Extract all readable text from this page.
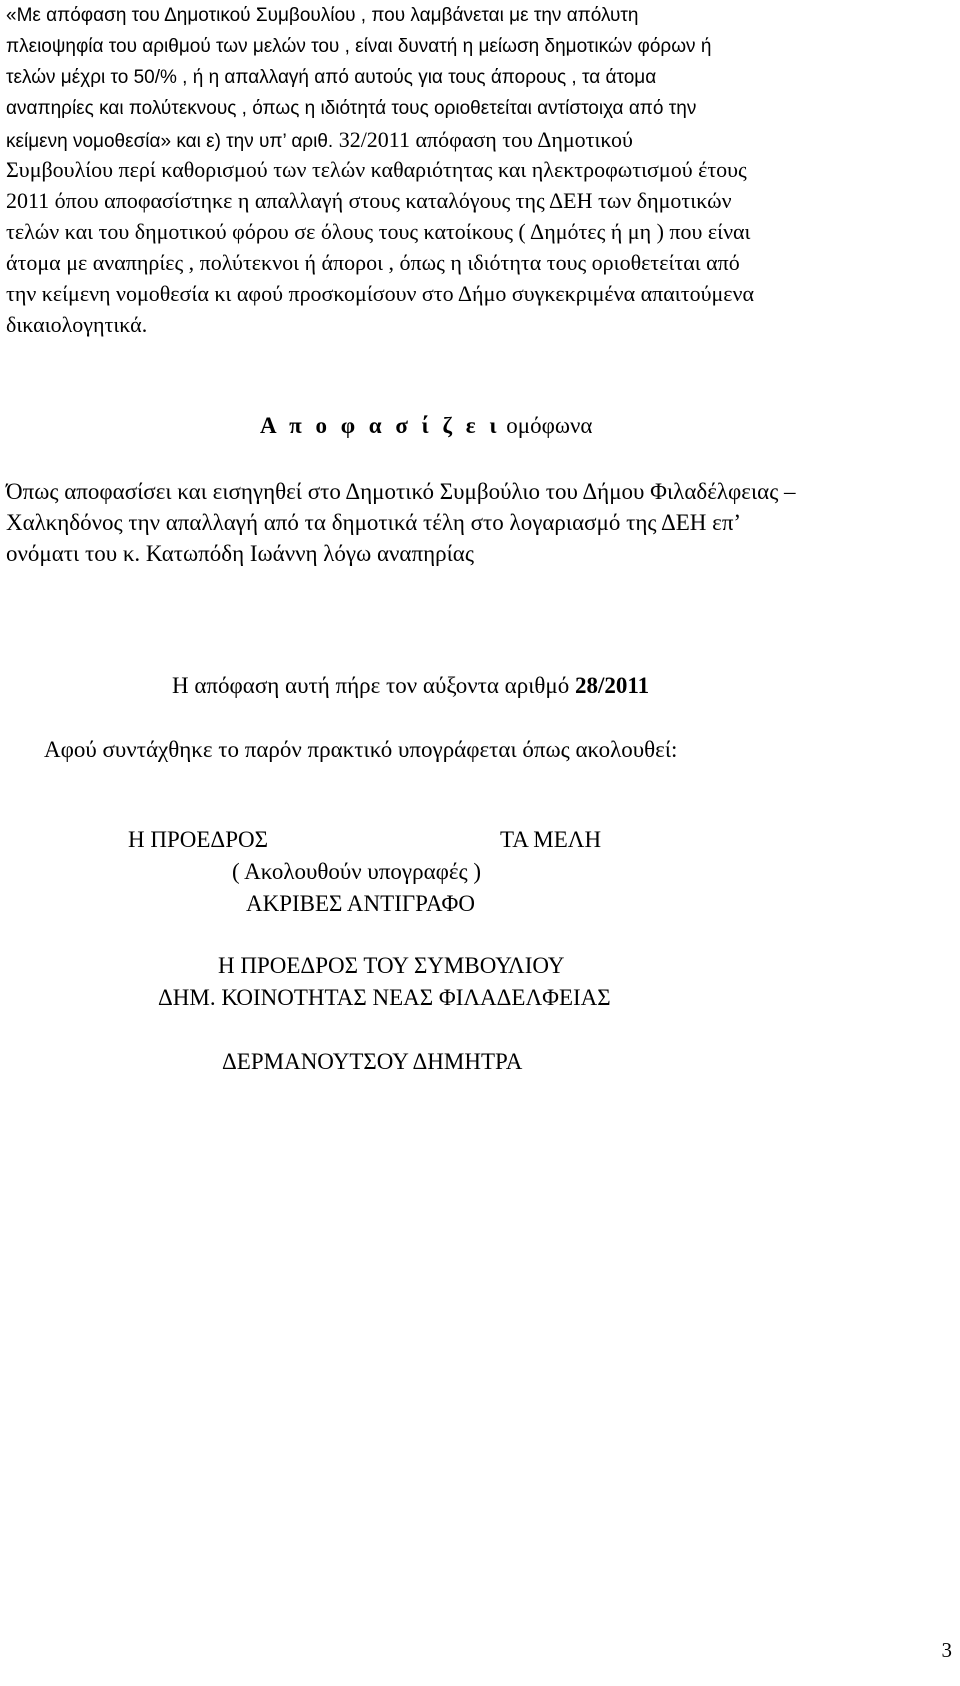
«Με απόφαση του Δημοτικού Συμβουλίου , που λαμβάνεται με την απόλυτη

πλειοψηφία του αριθμού των μελών του , είναι δυνατή η μείωση δημοτικών φόρων ή

τελών μέχρι το 50/% , ή η απαλλαγή από αυτούς για τους άπορους , τα άτομα

αναπηρίες και πολύτεκνους , όπως η ιδιότητά τους οριοθετείται αντίστοιχα από την

κείμενη νομοθεσία» και ε) την υπ’ αριθ. 32/2011 απόφαση του Δημοτικού

Συμβουλίου περί καθορισμού των τελών καθαριότητας και ηλεκτροφωτισμού έτους

2011 όπου αποφασίστηκε η απαλλαγή στους καταλόγους της ΔΕΗ των δημοτικών

τελών και του δημοτικού φόρου σε όλους τους κατοίκους ( Δημότες ή μη ) που είναι

άτομα με αναπηρίες , πολύτεκνοι ή άποροι , όπως η ιδιότητα τους οριοθετείται από

την κείμενη νομοθεσία κι αφού προσκομίσουν στο Δήμο συγκεκριμένα απαιτούμενα

δικαιολογητικά.

Α π ο φ α σ ί ζ ε ι ομόφωνα

Όπως αποφασίσει και εισηγηθεί στο Δημοτικό Συμβούλιο του Δήμου Φιλαδέλφειας –

Χαλκηδόνος την απαλλαγή από τα δημοτικά τέλη στο λογαριασμό της ΔΕΗ επ’

ονόματι του κ. Κατωπόδη Ιωάννη λόγω αναπηρίας

Η απόφαση αυτή πήρε τον αύξοντα αριθμό 28/2011

Αφού συντάχθηκε το παρόν πρακτικό υπογράφεται όπως ακολουθεί:

Η ΠΡΟΕΔΡΟΣ	ΤΑ ΜΕΛΗ

( Ακολουθούν υπογραφές )

ΑΚΡΙΒΕΣ ΑΝΤΙΓΡΑΦΟ

Η ΠΡΟΕΔΡΟΣ ΤΟΥ ΣΥΜΒΟΥΛΙΟΥ

ΔΗΜ. ΚΟΙΝΟΤΗΤΑΣ ΝΕΑΣ ΦΙΛΑΔΕΛΦΕΙΑΣ

ΔΕΡΜΑΝΟΥΤΣΟΥ ΔΗΜΗΤΡΑ

3
